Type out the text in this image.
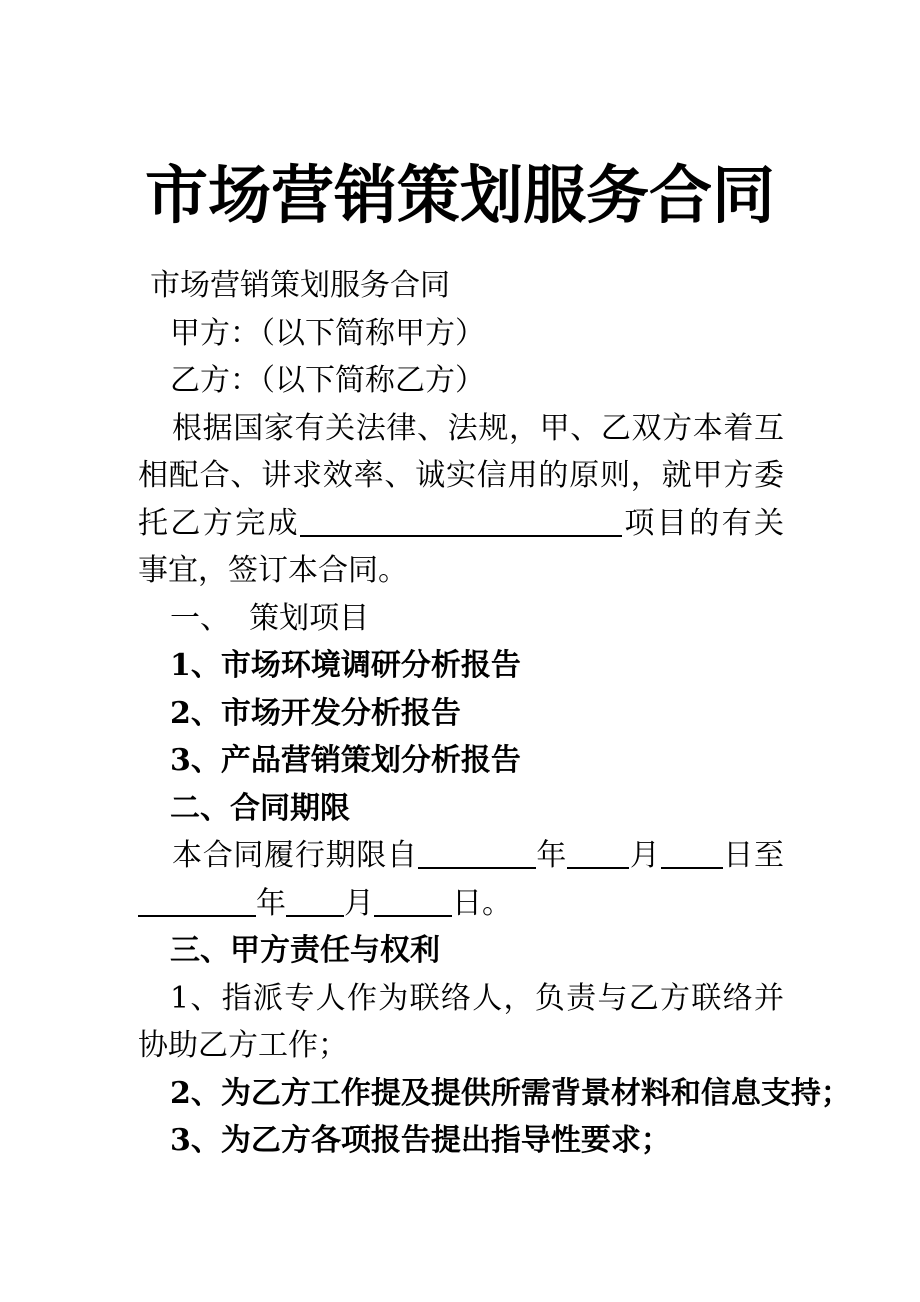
市场营销策划服务合同
市场营销策划服务合同
甲方：（以下简称甲方）
乙方：（以下简称乙方）
根据国家有关法律、法规，甲、乙双方本着互相配合、讲求效率、诚实信用的原则，就甲方委托乙方完成	项目的有关事宜，签订本合同。
一、  策划项目
1、市场环境调研分析报告
2、市场开发分析报告
3、产品营销策划分析报告
二、合同期限
本合同履行期限自	年 月 日至年 月	日。
三、甲方责任与权利
1、指派专人作为联络人，负责与乙方联络并协助乙方工作；
2、为乙方工作提及提供所需背景材料和信息支持；
3、为乙方各项报告提出指导性要求；
